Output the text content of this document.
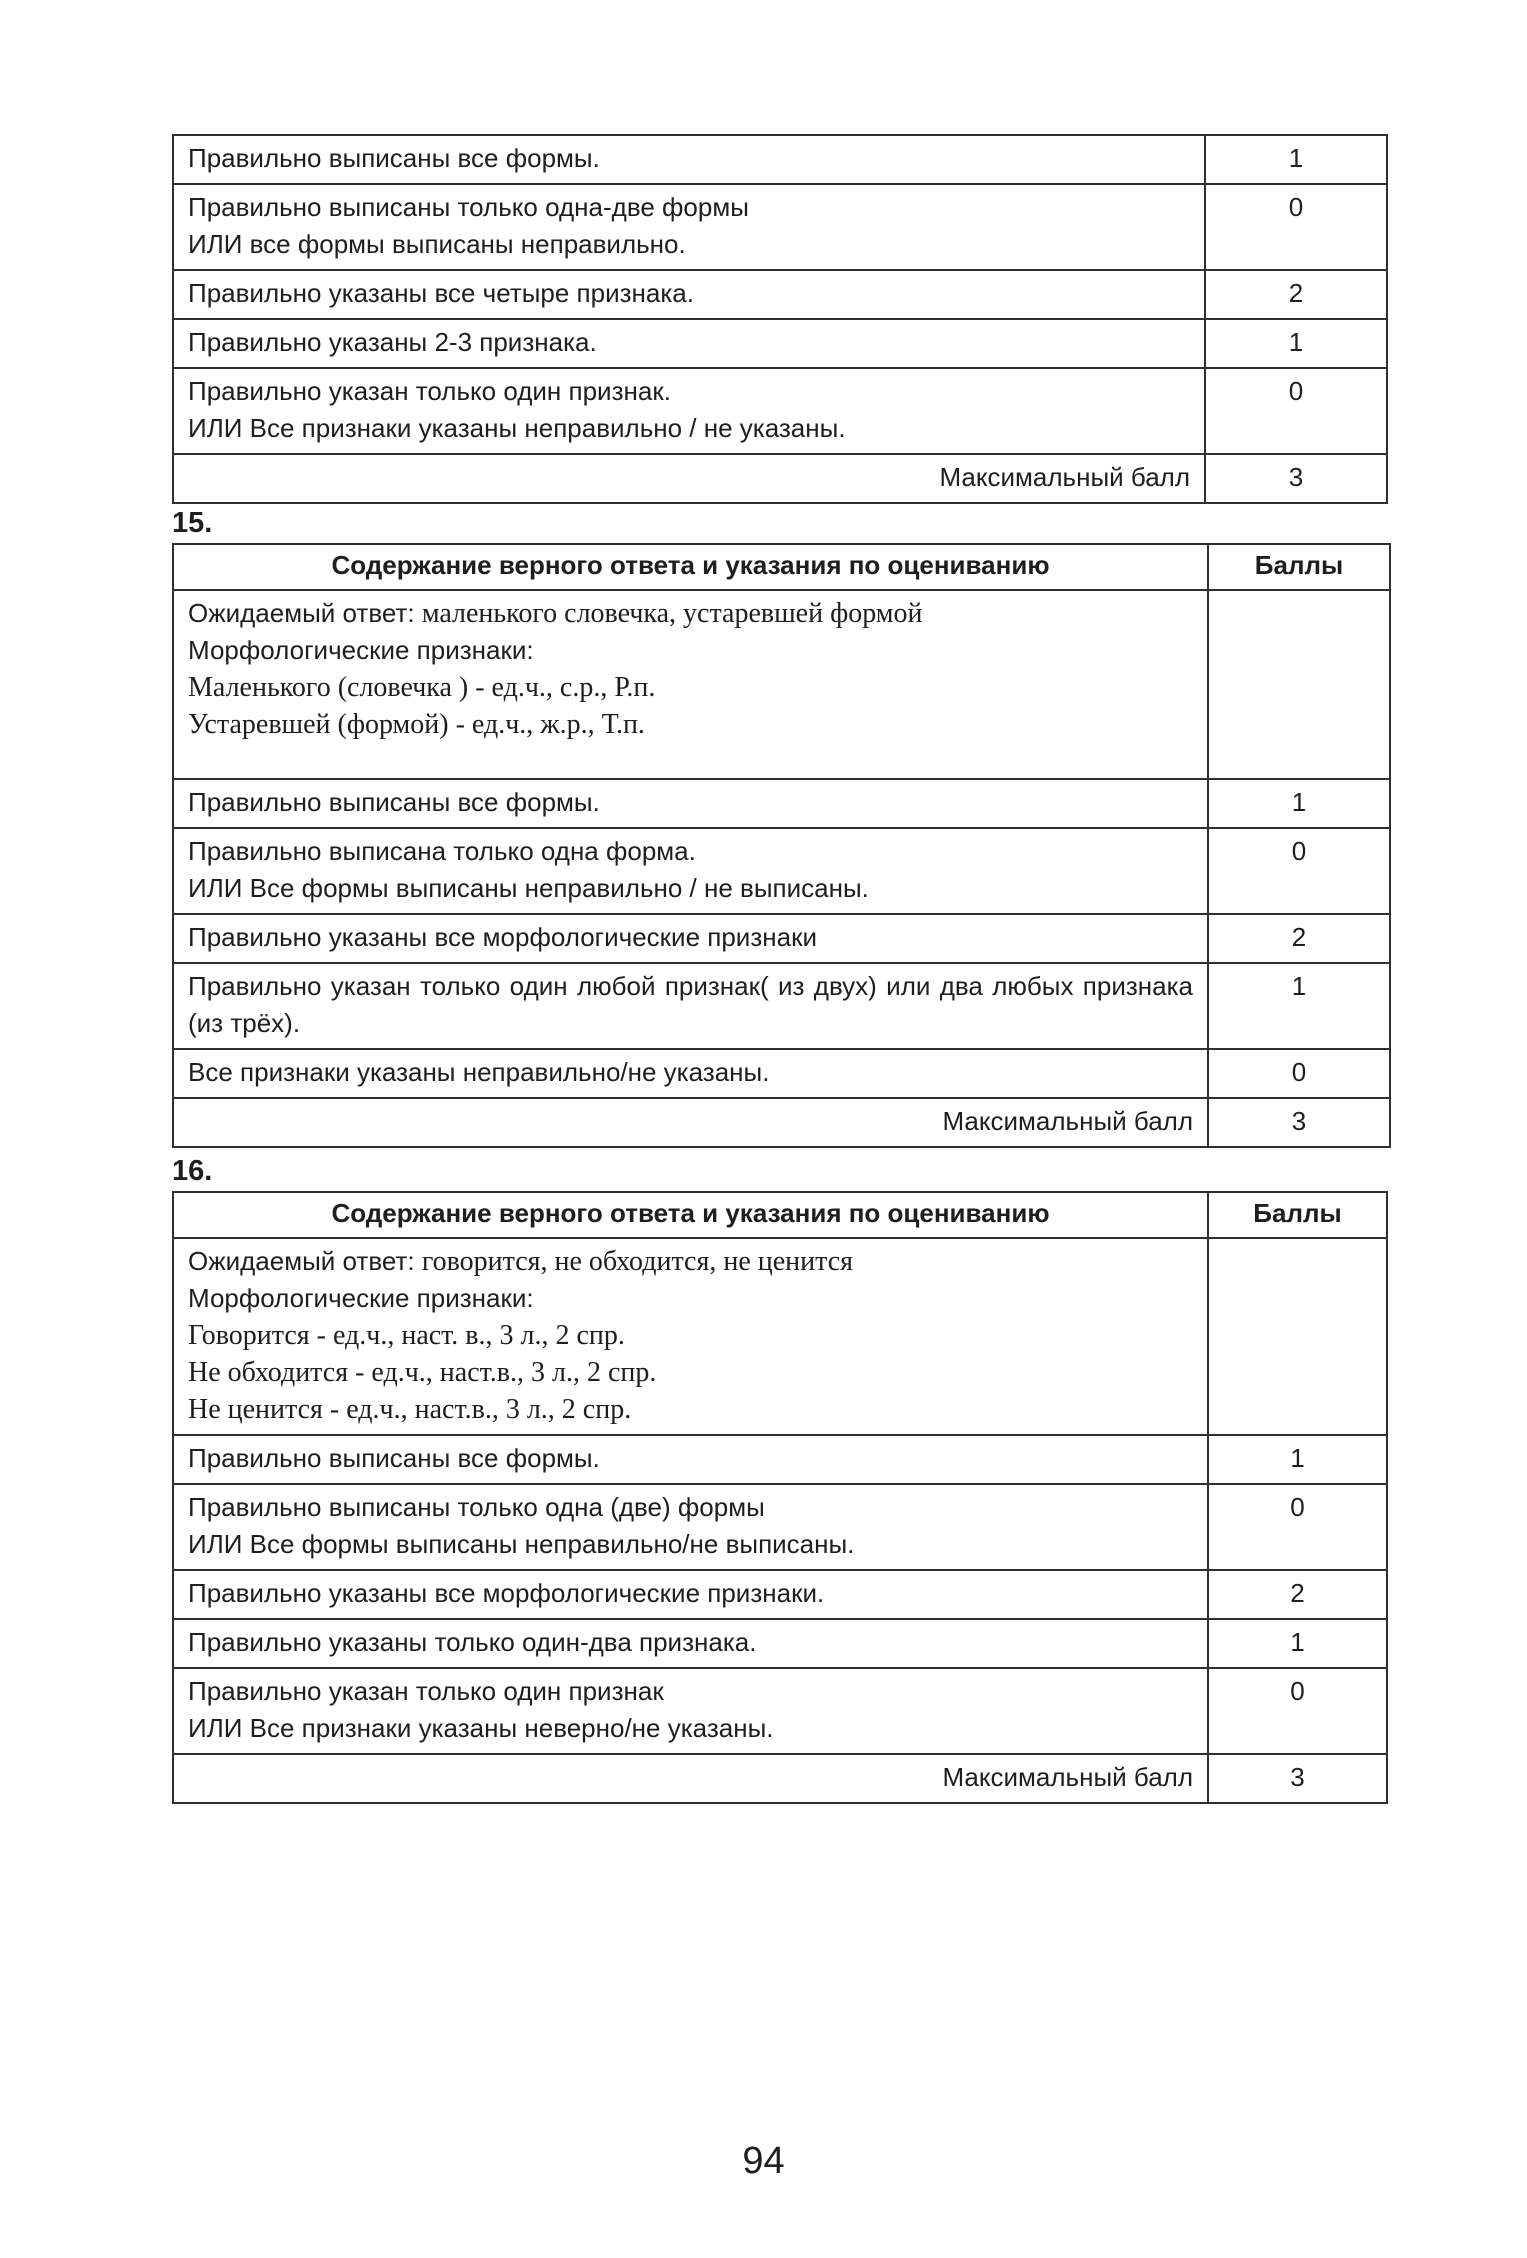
Правильно выписаны все формы.	1

Правильно выписаны только одна-две формы
ИЛИ все формы выписаны неправильно.	0

Правильно указаны все четыре признака.	2

Правильно указаны 2-3 признака.	1

Правильно указан только один признак.
ИЛИ Все признаки указаны неправильно / не указаны.	0
Максимальный балл	3
15.
Содержание верного ответа и указания по оцениванию	Баллы

Ожидаемый ответ: маленького словечка, устаревшей формой
Морфологические признаки:
Маленького (словечка ) - ед.ч., с.р., Р.п.
Устаревшей (формой) - ед.ч., ж.р., Т.п.	

Правильно выписаны все формы.	1

Правильно выписана только одна форма.
ИЛИ Все формы выписаны неправильно / не выписаны.	0

Правильно указаны все морфологические признаки	2

Правильно указан только один любой признак( из двух) или два любых признака (из трёх).	1

Все признаки указаны неправильно/не указаны.	0
Максимальный балл	3
16.
Содержание верного ответа и указания по оцениванию	Баллы

Ожидаемый ответ: говорится, не обходится, не ценится
Морфологические признаки:
Говорится - ед.ч., наст. в., 3 л., 2 спр.
Не обходится - ед.ч., наст.в., 3 л., 2 спр.
Не ценится - ед.ч., наст.в., 3 л., 2 спр.	

Правильно выписаны все формы.	1

Правильно выписаны только одна (две) формы
ИЛИ Все формы выписаны неправильно/не выписаны.	0

Правильно указаны все морфологические признаки.	2

Правильно указаны только один-два признака.	1

Правильно указан только один признак
ИЛИ Все признаки указаны неверно/не указаны.	0
Максимальный балл	3
94
